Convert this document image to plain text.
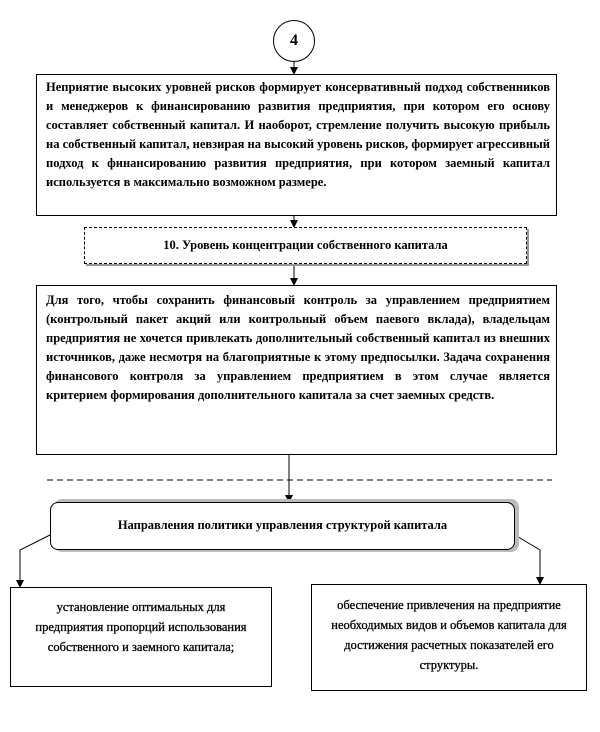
4
Неприятие высоких уровней рисков формирует консервативный подход собственников и менеджеров к финансированию развития предприятия, при котором его основу составляет собственный капитал. И наоборот, стремление получить высокую прибыль на собственный капитал, невзирая на высокий уровень рисков, формирует агрессивный подход к финансированию развития предприятия, при котором заемный капитал используется в максимально возможном размере.
10. Уровень концентрации собственного капитала
Для того, чтобы сохранить финансовый контроль за управлением предприятием (контрольный пакет акций или контрольный объем паевого вклада), владельцам предприятия не хочется привлекать дополнительный собственный капитал из внешних источников, даже несмотря на благоприятные к этому предпосылки. Задача сохранения финансового контроля за управлением предприятием в этом случае является критерием формирования дополнительного капитала за счет заемных средств.
Направления политики управления структурой капитала
установление оптимальных для предприятия пропорций использования собственного и заемного капитала;
обеспечение привлечения на предприятие необходимых видов и объемов капитала для достижения расчетных показателей его структуры.
